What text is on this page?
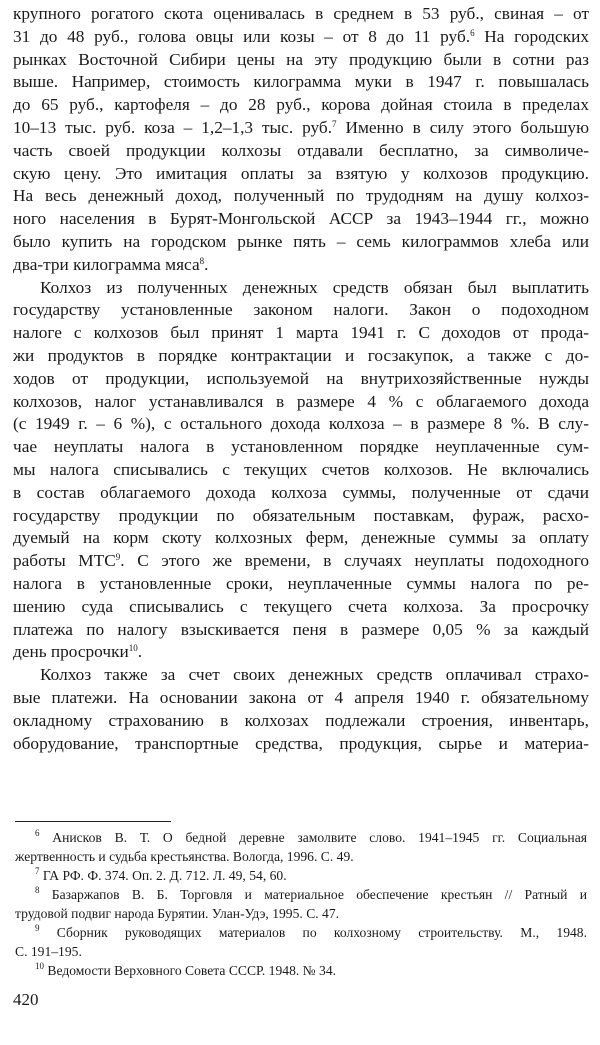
крупного рогатого скота оценивалась в среднем в 53 руб., свиная – от
31 до 48 руб., голова овцы или козы – от 8 до 11 руб.$^6$ На городских
рынках Восточной Сибири цены на эту продукцию были в сотни раз
выше. Например, стоимость килограмма муки в 1947 г. повышалась
до 65 руб., картофеля – до 28 руб., корова дойная стоила в пределах
10–13 тыс. руб. коза – 1,2–1,3 тыс. руб.$^7$ Именно в силу этого большую
часть своей продукции колхозы отдавали бесплатно, за символиче-
скую цену. Это имитация оплаты за взятую у колхозов продукцию.
На весь денежный доход, полученный по трудодням на душу колхоз-
ного населения в Бурят-Монгольской АССР за 1943–1944 гг., можно
было купить на городском рынке пять – семь килограммов хлеба или
два-три килограмма мяса$^8$.
Колхоз из полученных денежных средств обязан был выплатить
государству установленные законом налоги. Закон о подоходном
налоге с колхозов был принят 1 марта 1941 г. С доходов от прода-
жи продуктов в порядке контрактации и госзакупок, а также с до-
ходов от продукции, используемой на внутрихозяйственные нужды
колхозов, налог устанавливался в размере 4 % с облагаемого дохода
(с 1949 г. – 6 %), с остального дохода колхоза – в размере 8 %. В слу-
чае неуплаты налога в установленном порядке неуплаченные сум-
мы налога списывались с текущих счетов колхозов. Не включались
в состав облагаемого дохода колхоза суммы, полученные от сдачи
государству продукции по обязательным поставкам, фураж, расхо-
дуемый на корм скоту колхозных ферм, денежные суммы за оплату
работы МТС$^9$. С этого же времени, в случаях неуплаты подоходного
налога в установленные сроки, неуплаченные суммы налога по ре-
шению суда списывались с текущего счета колхоза. За просрочку
платежа по налогу взыскивается пеня в размере 0,05 % за каждый
день просрочки$^{10}$.
Колхоз также за счет своих денежных средств оплачивал страхо-
вые платежи. На основании закона от 4 апреля 1940 г. обязательному
окладному страхованию в колхозах подлежали строения, инвентарь,
оборудование, транспортные средства, продукция, сырье и материа-
$^6$ Анисков В. Т. О бедной деревне замолвите слово. 1941–1945 гг. Социальная
жертвенность и судьба крестьянства. Вологда, 1996. С. 49.
$^7$ ГА РФ. Ф. 374. Оп. 2. Д. 712. Л. 49, 54, 60.
$^8$ Базаржапов В. Б. Торговля и материальное обеспечение крестьян // Ратный и
трудовой подвиг народа Бурятии. Улан-Удэ, 1995. С. 47.
$^9$ Сборник руководящих материалов по колхозному строительству. М., 1948.
С. 191–195.
$^{10}$ Ведомости Верховного Совета СССР. 1948. № 34.
420
